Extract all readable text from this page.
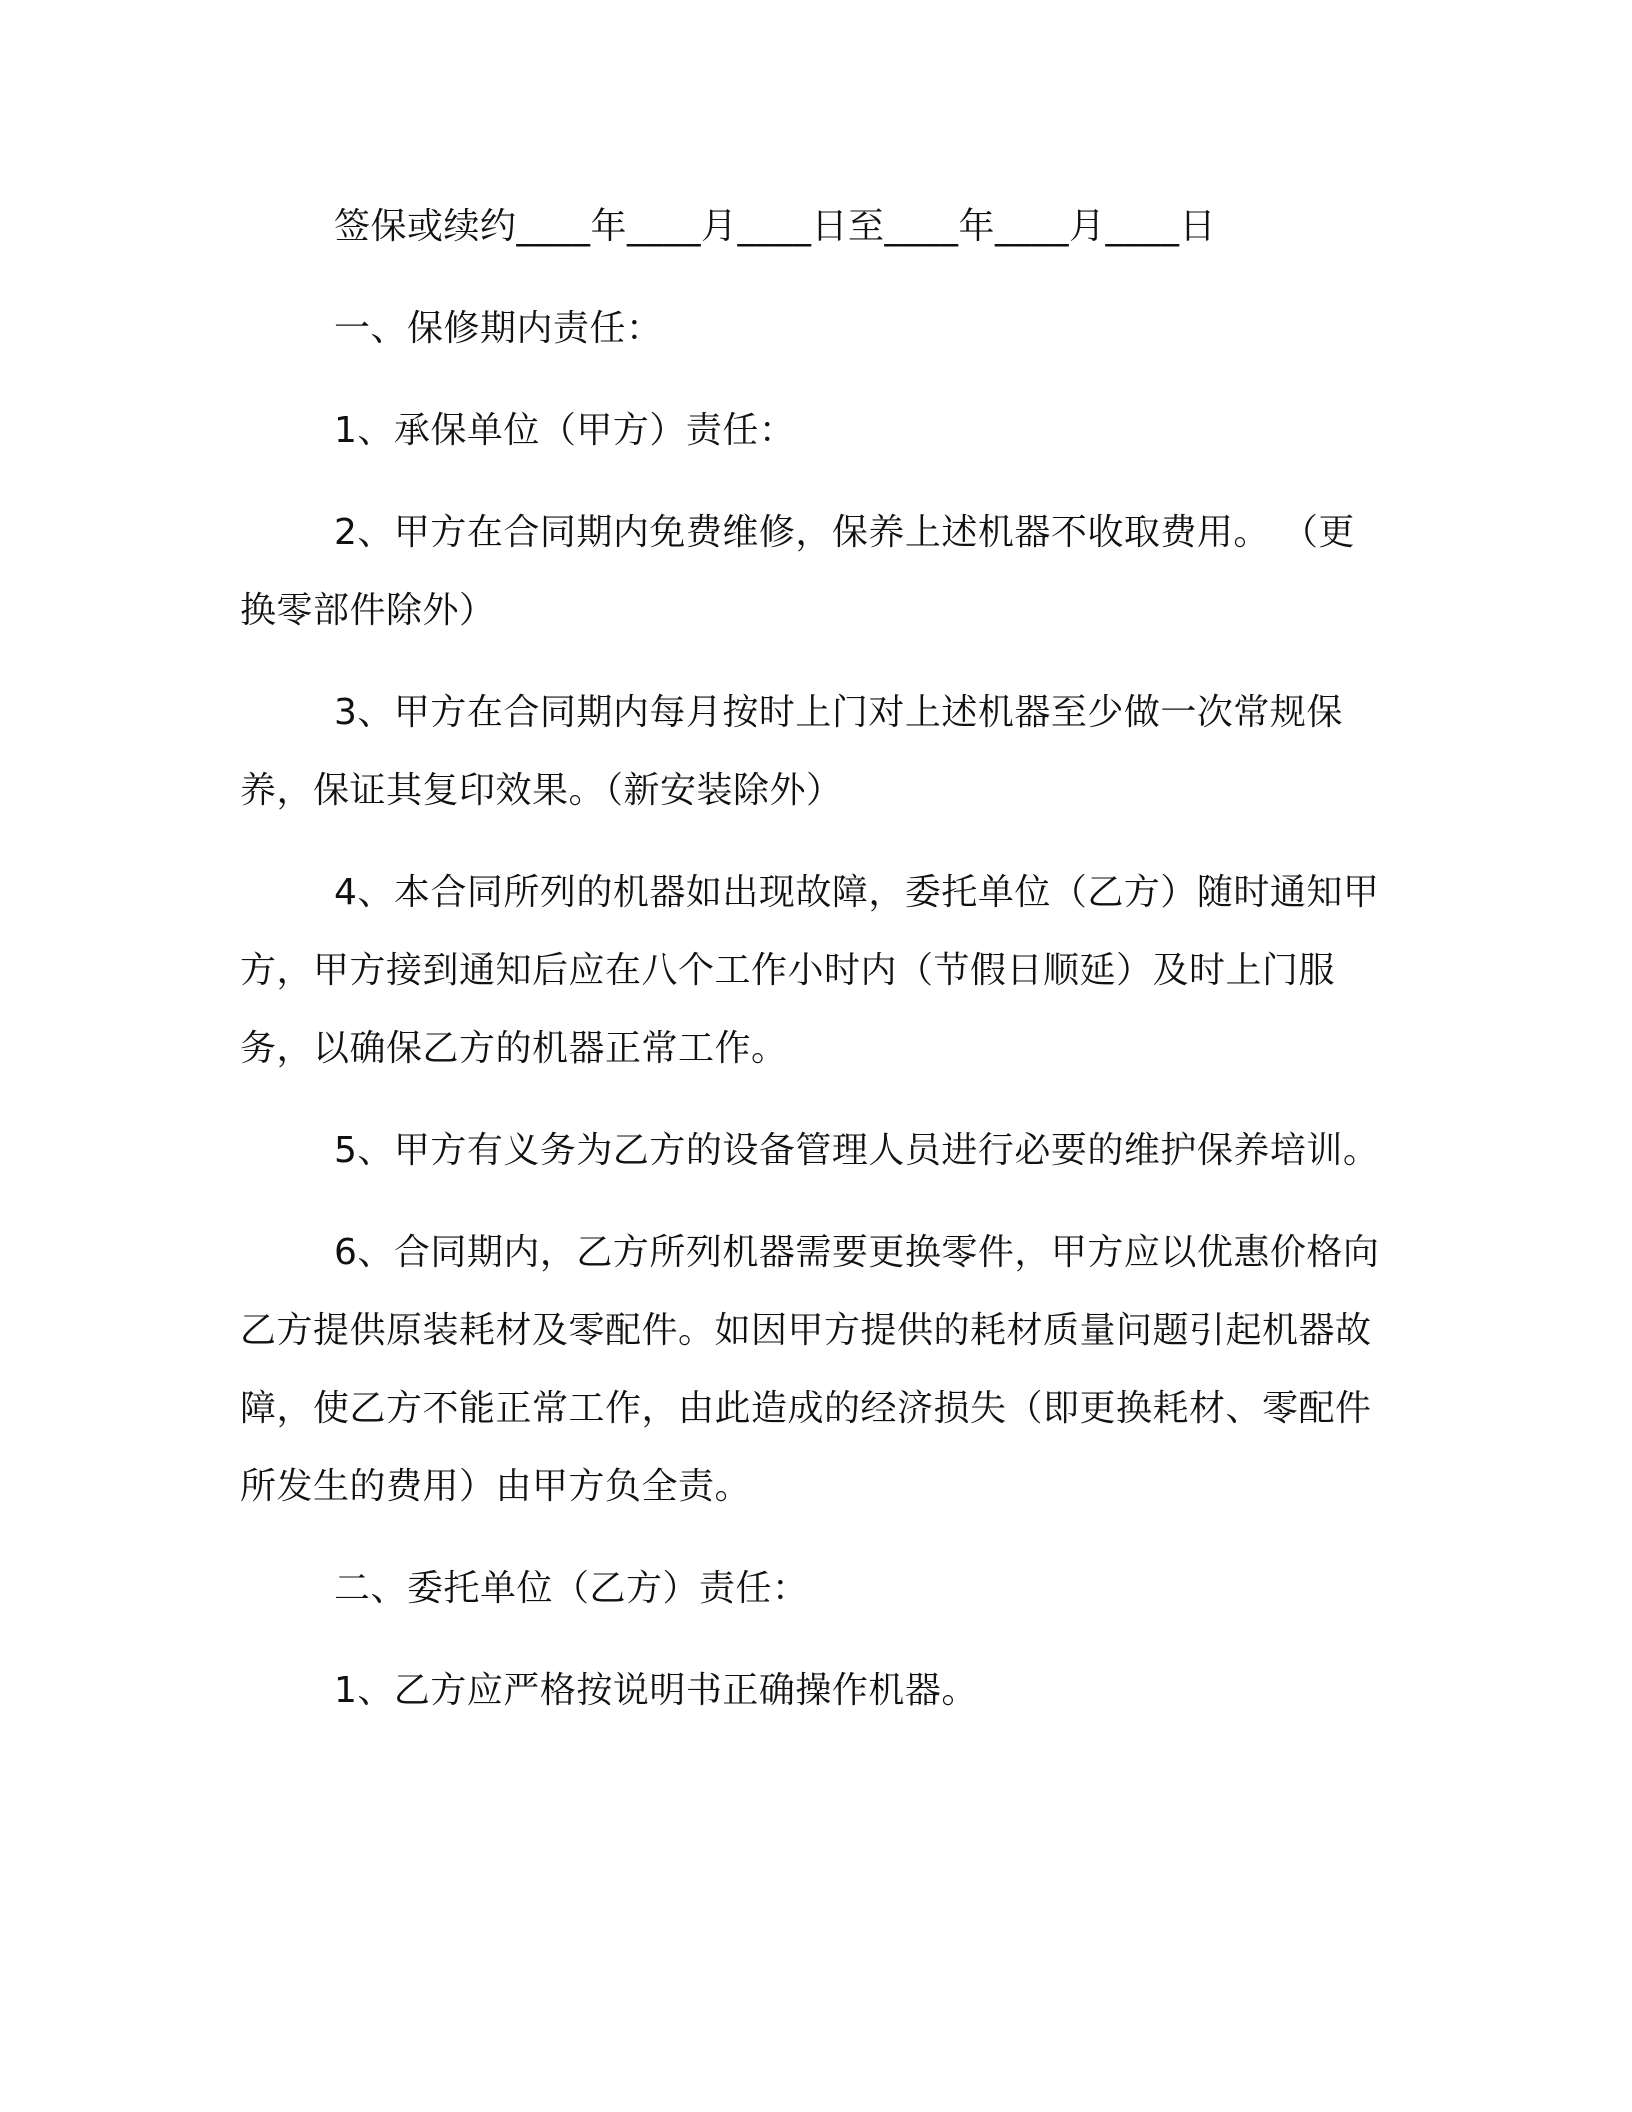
签保或续约____年____月____日至____年____月____日

一、保修期内责任：

1、承保单位（甲方）责任：

2、甲方在合同期内免费维修，保养上述机器不收取费用。 （更换零部件除外）

3、甲方在合同期内每月按时上门对上述机器至少做一次常规保养，保证其复印效果。（新安装除外）

4、本合同所列的机器如出现故障，委托单位（乙方）随时通知甲方，甲方接到通知后应在八个工作小时内（节假日顺延）及时上门服务，以确保乙方的机器正常工作。

5、甲方有义务为乙方的设备管理人员进行必要的维护保养培训。

6、合同期内，乙方所列机器需要更换零件，甲方应以优惠价格向乙方提供原装耗材及零配件。如因甲方提供的耗材质量问题引起机器故障，使乙方不能正常工作，由此造成的经济损失（即更换耗材、零配件所发生的费用）由甲方负全责。

二、委托单位（乙方）责任：

1、乙方应严格按说明书正确操作机器。
